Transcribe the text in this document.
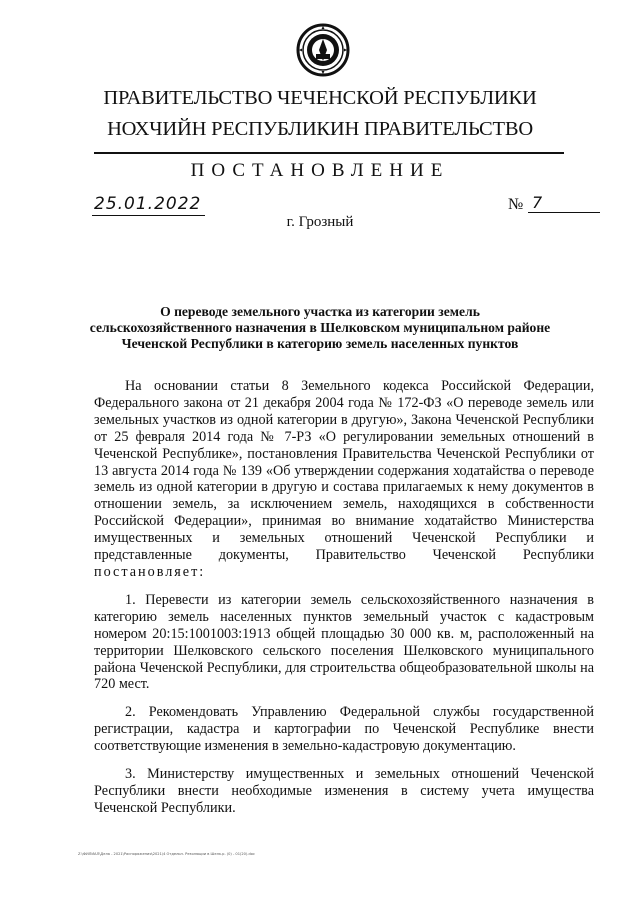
ПРАВИТЕЛЬСТВО ЧЕЧЕНСКОЙ РЕСПУБЛИКИ
НОХЧИЙН РЕСПУБЛИКИН ПРАВИТЕЛЬСТВО
ПОСТАНОВЛЕНИЕ
25.01.2022	№ 7
г. Грозный
О переводе земельного участка из категории земель
сельскохозяйственного назначения в Шелковском муниципальном районе
Чеченской Республики в категорию земель населенных пунктов

На основании статьи 8 Земельного кодекса Российской Федерации, Федерального закона от 21 декабря 2004 года № 172-ФЗ «О переводе земель или земельных участков из одной категории в другую», Закона Чеченской Республики от 25 февраля 2014 года № 7-РЗ «О регулировании земельных отношений в Чеченской Республике», постановления Правительства Чеченской Республики от 13 августа 2014 года № 139 «Об утверждении содержания ходатайства о переводе земель из одной категории в другую и состава прилагаемых к нему документов в отношении земель, за исключением земель, находящихся в собственности Российской Федерации», принимая во внимание ходатайство Министерства имущественных и земельных отношений Чеченской Республики и представленные документы, Правительство Чеченской Республики постановляет:

1. Перевести из категории земель сельскохозяйственного назначения в категорию земель населенных пунктов земельный участок с кадастровым номером 20:15:1001003:1913 общей площадью 30 000 кв. м, расположенный на территории Шелковского сельского поселения Шелковского муниципального района Чеченской Республики, для строительства общеобразовательной школы на 720 мест.

2. Рекомендовать Управлению Федеральной службы государственной регистрации, кадастра и картографии по Чеченской Республике внести соответствующие изменения в земельно-кадастровую документацию.

3. Министерству имущественных и земельных отношений Чеченской Республики внести необходимые изменения в систему учета имущества Чеченской Республики.

Z:\ФИЛИАЛ\Дела - 2021\Распоряжения\2021\4 Отдельн. Резолюции в Шелк.р. (0) - 01(20).doc
